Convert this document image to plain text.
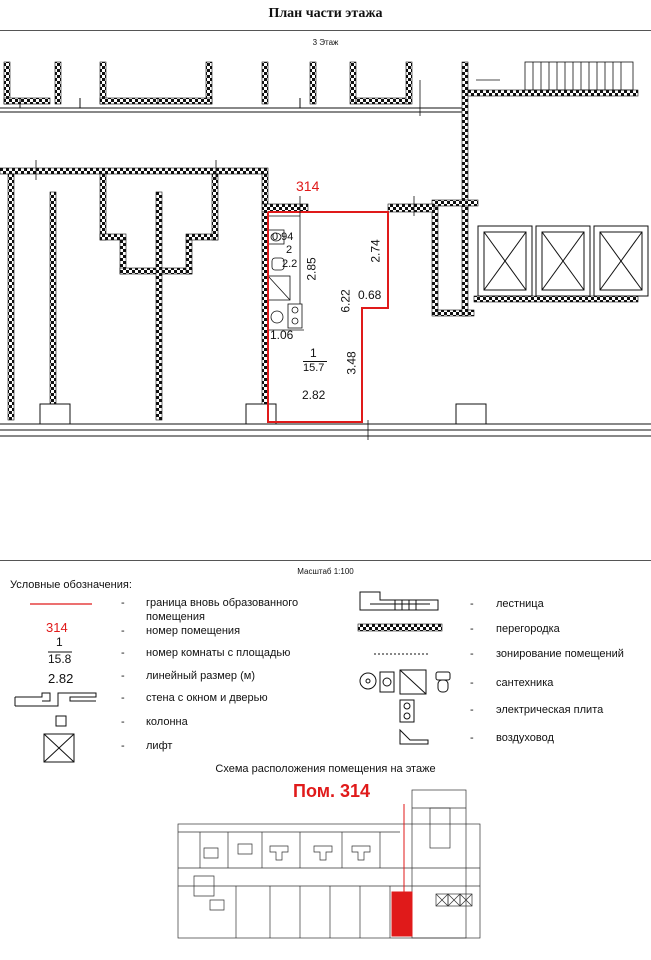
План части этажа
3 Этаж
314
0.94
2
2.2 2.85
2.74
6.22 0.68
1.06
1
15.7 3.48
2.82
Масштаб 1:100
Условные обозначения:
314
1
15.8
2.82
- граница вновь образованного помещения
- номер помещения
- номер комнаты с площадью
- линейный размер (м)
- стена с окном и дверью
- колонна
- лифт
- лестница
- перегородка
- зонирование помещений
- сантехника
- электрическая плита
- воздуховод
Схема расположения помещения на этаже
Пом. 314
